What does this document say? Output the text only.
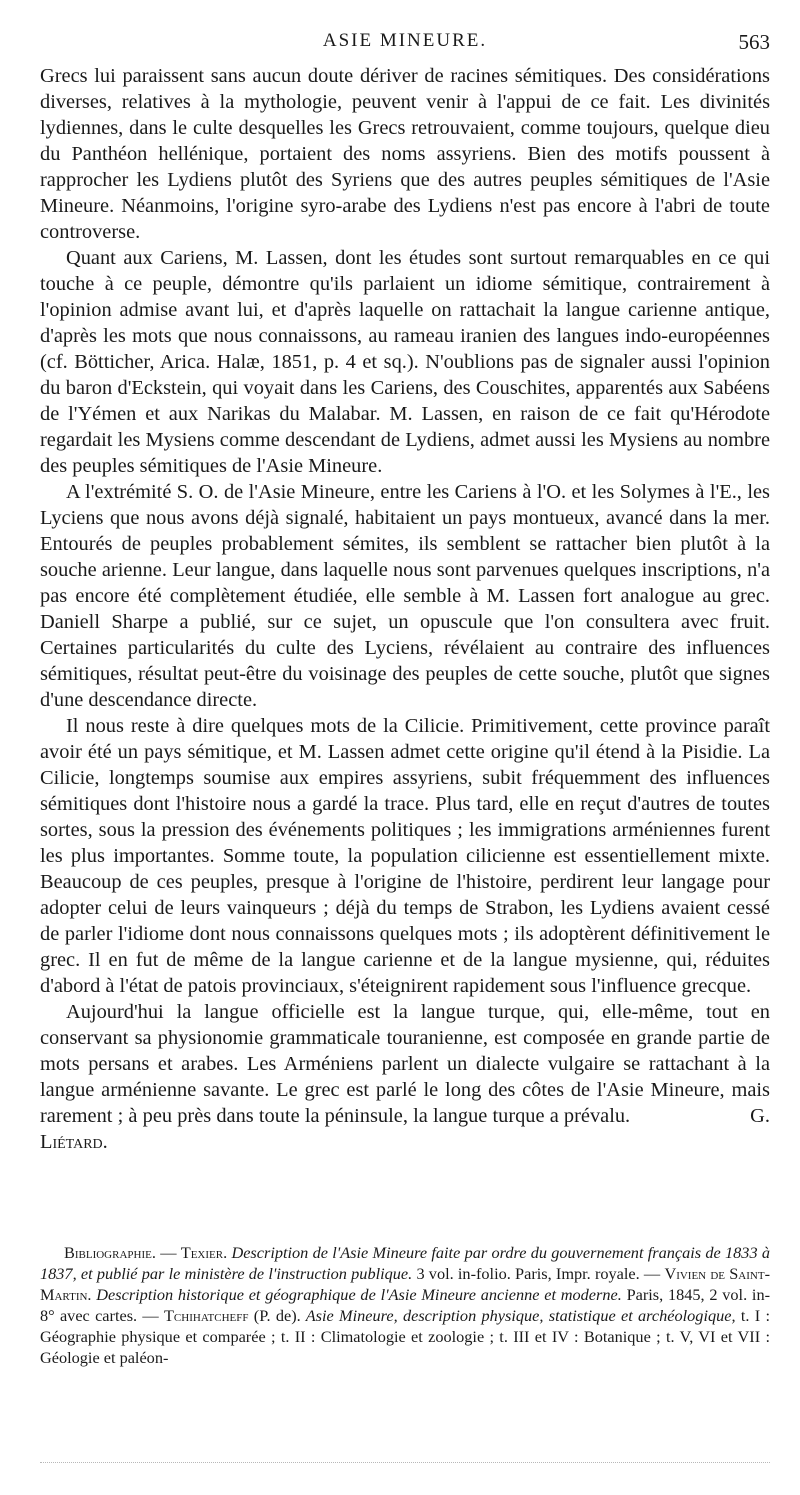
ASIE MINEURE.	563

Grecs lui paraissent sans aucun doute dériver de racines sémitiques. Des considérations diverses, relatives à la mythologie, peuvent venir à l'appui de ce fait. Les divinités lydiennes, dans le culte desquelles les Grecs retrouvaient, comme toujours, quelque dieu du Panthéon hellénique, portaient des noms assyriens. Bien des motifs poussent à rapprocher les Lydiens plutôt des Syriens que des autres peuples sémitiques de l'Asie Mineure. Néanmoins, l'origine syro-arabe des Lydiens n'est pas encore à l'abri de toute controverse.

Quant aux Cariens, M. Lassen, dont les études sont surtout remarquables en ce qui touche à ce peuple, démontre qu'ils parlaient un idiome sémitique, contrairement à l'opinion admise avant lui, et d'après laquelle on rattachait la langue carienne antique, d'après les mots que nous connaissons, au rameau iranien des langues indo-européennes (cf. Bötticher, Arica. Halæ, 1851, p. 4 et sq.). N'oublions pas de signaler aussi l'opinion du baron d'Eckstein, qui voyait dans les Cariens, des Couschites, apparentés aux Sabéens de l'Yémen et aux Narikas du Malabar. M. Lassen, en raison de ce fait qu'Hérodote regardait les Mysiens comme descendant de Lydiens, admet aussi les Mysiens au nombre des peuples sémitiques de l'Asie Mineure.

A l'extrémité S. O. de l'Asie Mineure, entre les Cariens à l'O. et les Solymes à l'E., les Lyciens que nous avons déjà signalé, habitaient un pays montueux, avancé dans la mer. Entourés de peuples probablement sémites, ils semblent se rattacher bien plutôt à la souche arienne. Leur langue, dans laquelle nous sont parvenues quelques inscriptions, n'a pas encore été complètement étudiée, elle semble à M. Lassen fort analogue au grec. Daniell Sharpe a publié, sur ce sujet, un opuscule que l'on consultera avec fruit. Certaines particularités du culte des Lyciens, révélaient au contraire des influences sémitiques, résultat peut-être du voisinage des peuples de cette souche, plutôt que signes d'une descendance directe.

Il nous reste à dire quelques mots de la Cilicie. Primitivement, cette province paraît avoir été un pays sémitique, et M. Lassen admet cette origine qu'il étend à la Pisidie. La Cilicie, longtemps soumise aux empires assyriens, subit fréquemment des influences sémitiques dont l'histoire nous a gardé la trace. Plus tard, elle en reçut d'autres de toutes sortes, sous la pression des événements politiques ; les immigrations arméniennes furent les plus importantes. Somme toute, la population cilicienne est essentiellement mixte. Beaucoup de ces peuples, presque à l'origine de l'histoire, perdirent leur langage pour adopter celui de leurs vainqueurs ; déjà du temps de Strabon, les Lydiens avaient cessé de parler l'idiome dont nous connaissons quelques mots ; ils adoptèrent définitivement le grec. Il en fut de même de la langue carienne et de la langue mysienne, qui, réduites d'abord à l'état de patois provinciaux, s'éteignirent rapidement sous l'influence grecque.

Aujourd'hui la langue officielle est la langue turque, qui, elle-même, tout en conservant sa physionomie grammaticale touranienne, est composée en grande partie de mots persans et arabes. Les Arméniens parlent un dialecte vulgaire se rattachant à la langue arménienne savante. Le grec est parlé le long des côtes de l'Asie Mineure, mais rarement ; à peu près dans toute la péninsule, la langue turque a prévalu.	G. Liétard.

Bibliographie. — Texier. Description de l'Asie Mineure faite par ordre du gouvernement français de 1833 à 1837, et publié par le ministère de l'instruction publique. 3 vol. in-folio. Paris, Impr. royale. — Vivien de Saint-Martin. Description historique et géographique de l'Asie Mineure ancienne et moderne. Paris, 1845, 2 vol. in-8° avec cartes. — Tchihatcheff (P. de). Asie Mineure, description physique, statistique et archéologique, t. I : Géographie physique et comparée ; t. II : Climatologie et zoologie ; t. III et IV : Botanique ; t. V, VI et VII : Géologie et paléon-
